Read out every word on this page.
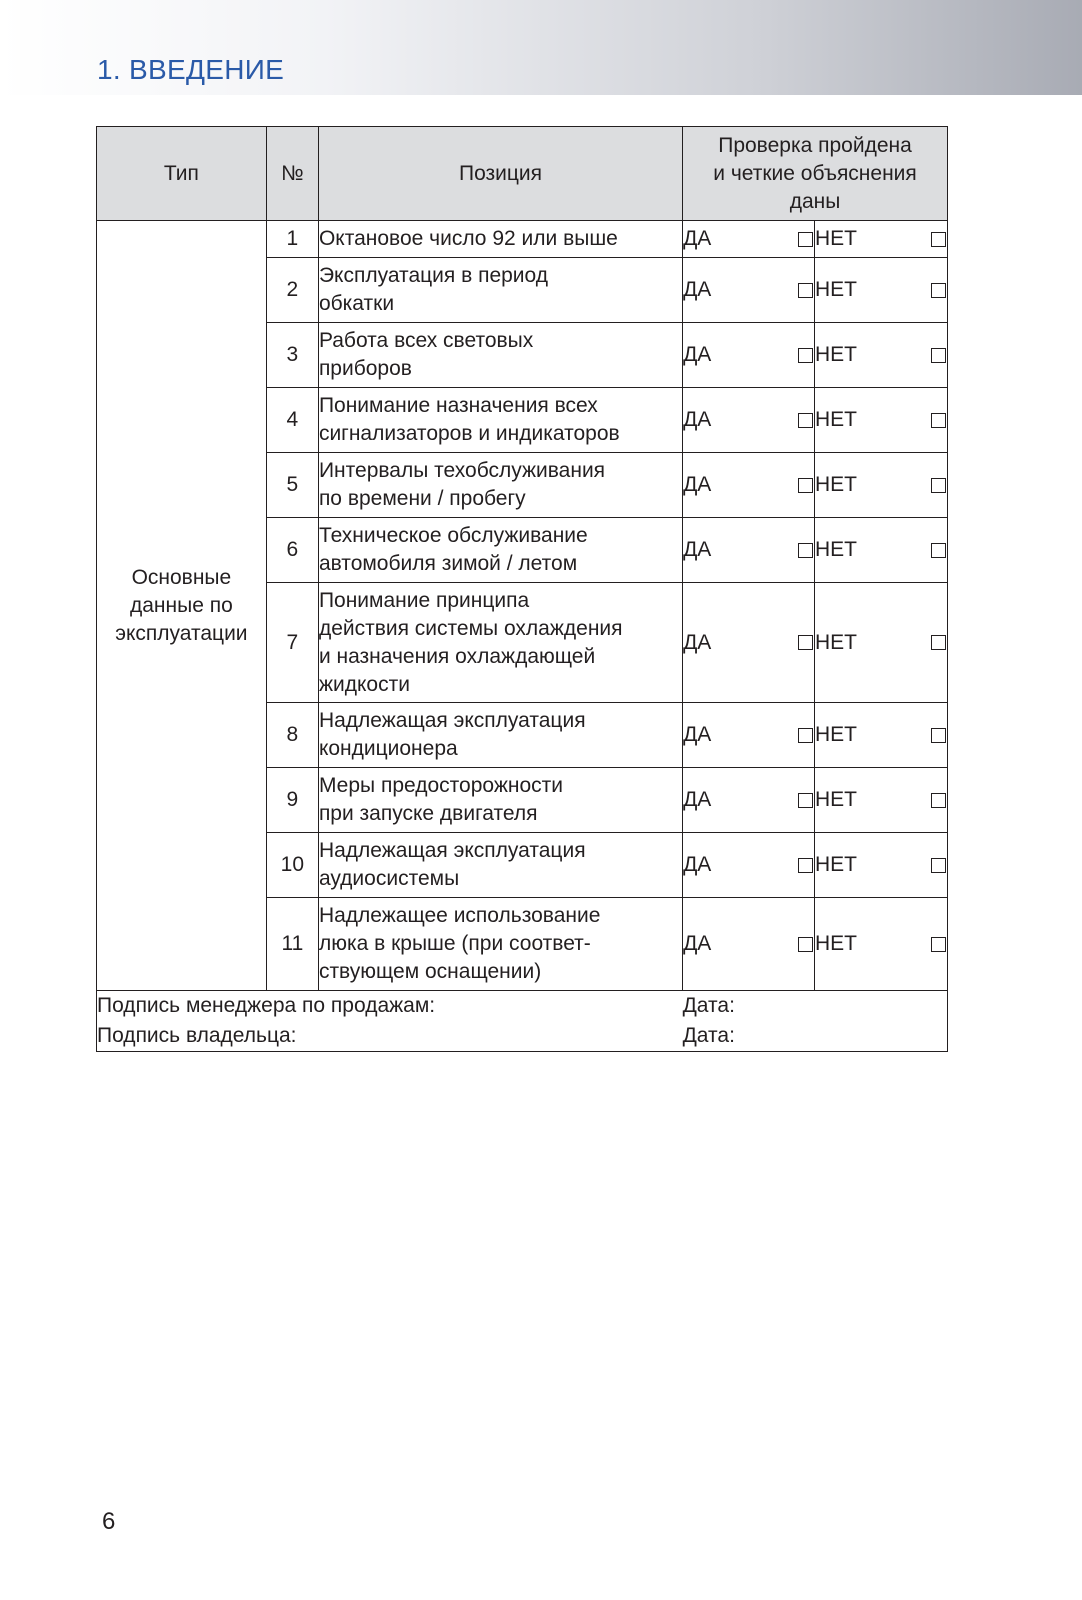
1. ВВЕДЕНИЕ
Тип	№	Позиция	Проверка пройдена
и четкие объяснения
даны	
Основные
данные по
эксплуатации	1	Октановое число 92 или выше	ДА	НЕТ

	2	Эксплуатация в период
обкатки	ДА	НЕТ

	3	Работа всех световых
приборов	ДА	НЕТ

	4	Понимание назначения всех
сигнализаторов и индикаторов	ДА	НЕТ

	5	Интервалы техобслуживания
по времени / пробегу	ДА	НЕТ

	6	Техническое обслуживание
автомобиля зимой / летом	ДА	НЕТ

	7	Понимание принципа
действия системы охлаждения
и назначения охлаждающей
жидкости	ДА	НЕТ

	8	Надлежащая эксплуатация
кондиционера	ДА	НЕТ

	9	Меры предосторожности
при запуске двигателя	ДА	НЕТ

	10	Надлежащая эксплуатация
аудиосистемы	ДА	НЕТ

	11	Надлежащее использование
люка в крыше (при соответ-
ствующем оснащении)	ДА	НЕТ

Подпись менеджера по продажам:			Дата:	
Подпись владельца:			Дата:	
6
